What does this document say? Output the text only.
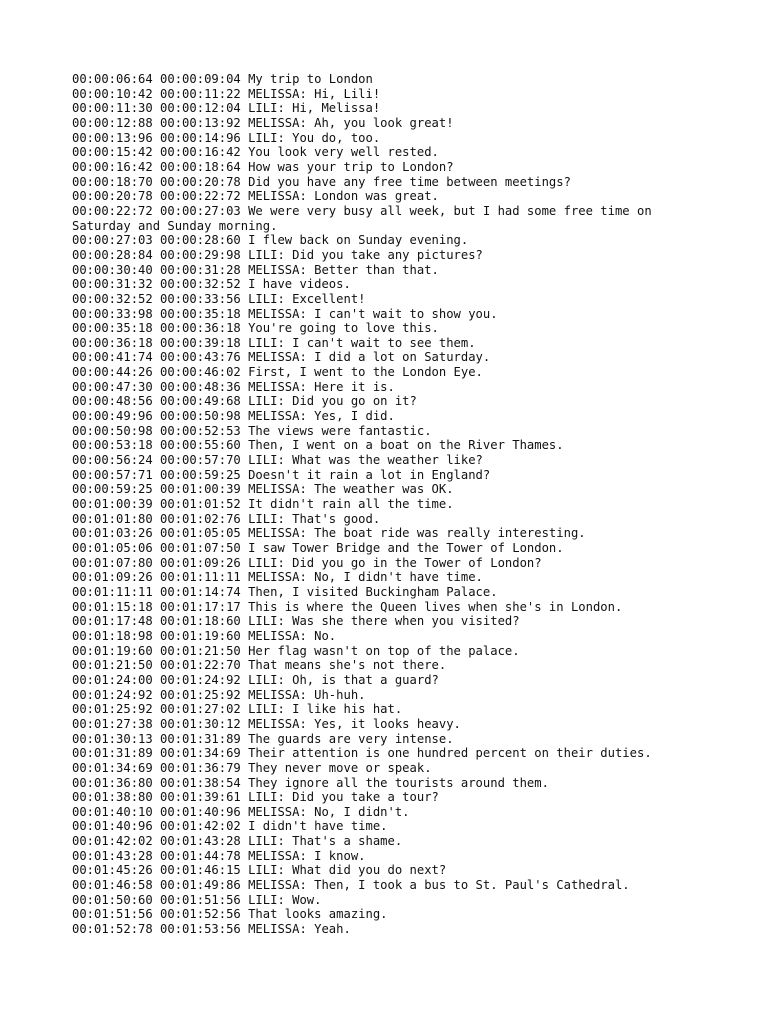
00:00:06:64 00:00:09:04 My trip to London
00:00:10:42 00:00:11:22 MELISSA: Hi, Lili!
00:00:11:30 00:00:12:04 LILI: Hi, Melissa!
00:00:12:88 00:00:13:92 MELISSA: Ah, you look great!
00:00:13:96 00:00:14:96 LILI: You do, too.
00:00:15:42 00:00:16:42 You look very well rested.
00:00:16:42 00:00:18:64 How was your trip to London?
00:00:18:70 00:00:20:78 Did you have any free time between meetings?
00:00:20:78 00:00:22:72 MELISSA: London was great.
00:00:22:72 00:00:27:03 We were very busy all week, but I had some free time on Saturday and Sunday morning.
00:00:27:03 00:00:28:60 I flew back on Sunday evening.
00:00:28:84 00:00:29:98 LILI: Did you take any pictures?
00:00:30:40 00:00:31:28 MELISSA: Better than that.
00:00:31:32 00:00:32:52 I have videos.
00:00:32:52 00:00:33:56 LILI: Excellent!
00:00:33:98 00:00:35:18 MELISSA: I can't wait to show you.
00:00:35:18 00:00:36:18 You're going to love this.
00:00:36:18 00:00:39:18 LILI: I can't wait to see them.
00:00:41:74 00:00:43:76 MELISSA: I did a lot on Saturday.
00:00:44:26 00:00:46:02 First, I went to the London Eye.
00:00:47:30 00:00:48:36 MELISSA: Here it is.
00:00:48:56 00:00:49:68 LILI: Did you go on it?
00:00:49:96 00:00:50:98 MELISSA: Yes, I did.
00:00:50:98 00:00:52:53 The views were fantastic.
00:00:53:18 00:00:55:60 Then, I went on a boat on the River Thames.
00:00:56:24 00:00:57:70 LILI: What was the weather like?
00:00:57:71 00:00:59:25 Doesn't it rain a lot in England?
00:00:59:25 00:01:00:39 MELISSA: The weather was OK.
00:01:00:39 00:01:01:52 It didn't rain all the time.
00:01:01:80 00:01:02:76 LILI: That's good.
00:01:03:26 00:01:05:05 MELISSA: The boat ride was really interesting.
00:01:05:06 00:01:07:50 I saw Tower Bridge and the Tower of London.
00:01:07:80 00:01:09:26 LILI: Did you go in the Tower of London?
00:01:09:26 00:01:11:11 MELISSA: No, I didn't have time.
00:01:11:11 00:01:14:74 Then, I visited Buckingham Palace.
00:01:15:18 00:01:17:17 This is where the Queen lives when she's in London.
00:01:17:48 00:01:18:60 LILI: Was she there when you visited?
00:01:18:98 00:01:19:60 MELISSA: No.
00:01:19:60 00:01:21:50 Her flag wasn't on top of the palace.
00:01:21:50 00:01:22:70 That means she's not there.
00:01:24:00 00:01:24:92 LILI: Oh, is that a guard?
00:01:24:92 00:01:25:92 MELISSA: Uh-huh.
00:01:25:92 00:01:27:02 LILI: I like his hat.
00:01:27:38 00:01:30:12 MELISSA: Yes, it looks heavy.
00:01:30:13 00:01:31:89 The guards are very intense.
00:01:31:89 00:01:34:69 Their attention is one hundred percent on their duties.
00:01:34:69 00:01:36:79 They never move or speak.
00:01:36:80 00:01:38:54 They ignore all the tourists around them.
00:01:38:80 00:01:39:61 LILI: Did you take a tour?
00:01:40:10 00:01:40:96 MELISSA: No, I didn't.
00:01:40:96 00:01:42:02 I didn't have time.
00:01:42:02 00:01:43:28 LILI: That's a shame.
00:01:43:28 00:01:44:78 MELISSA: I know.
00:01:45:26 00:01:46:15 LILI: What did you do next?
00:01:46:58 00:01:49:86 MELISSA: Then, I took a bus to St. Paul's Cathedral.
00:01:50:60 00:01:51:56 LILI: Wow.
00:01:51:56 00:01:52:56 That looks amazing.
00:01:52:78 00:01:53:56 MELISSA: Yeah.
